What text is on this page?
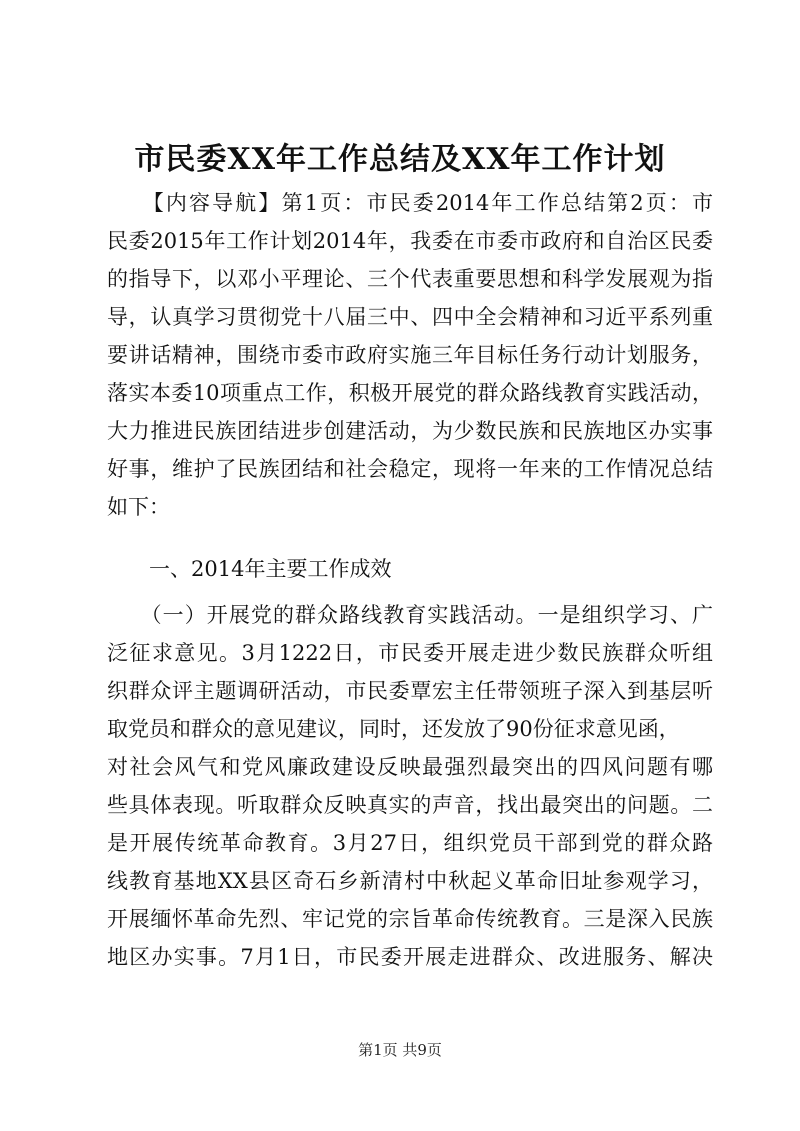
市民委XX年工作总结及XX年工作计划
　　【内容导航】第1页：市民委2014年工作总结第2页：市
民委2015年工作计划2014年，我委在市委市政府和自治区民委
的指导下，以邓小平理论、三个代表重要思想和科学发展观为指
导，认真学习贯彻党十八届三中、四中全会精神和习近平系列重
要讲话精神，围绕市委市政府实施三年目标任务行动计划服务，
落实本委10项重点工作，积极开展党的群众路线教育实践活动，
大力推进民族团结进步创建活动，为少数民族和民族地区办实事
好事，维护了民族团结和社会稳定，现将一年来的工作情况总结
如下：
　　一、2014年主要工作成效
　　（一）开展党的群众路线教育实践活动。一是组织学习、广
泛征求意见。3月1222日，市民委开展走进少数民族群众听组
织群众评主题调研活动，市民委覃宏主任带领班子深入到基层听
取党员和群众的意见建议，同时，还发放了90份征求意见函，
对社会风气和党风廉政建设反映最强烈最突出的四风问题有哪
些具体表现。听取群众反映真实的声音，找出最突出的问题。二
是开展传统革命教育。3月27日，组织党员干部到党的群众路
线教育基地XX县区奇石乡新清村中秋起义革命旧址参观学习，
开展缅怀革命先烈、牢记党的宗旨革命传统教育。三是深入民族
地区办实事。7月1日，市民委开展走进群众、改进服务、解决
第1页 共9页
